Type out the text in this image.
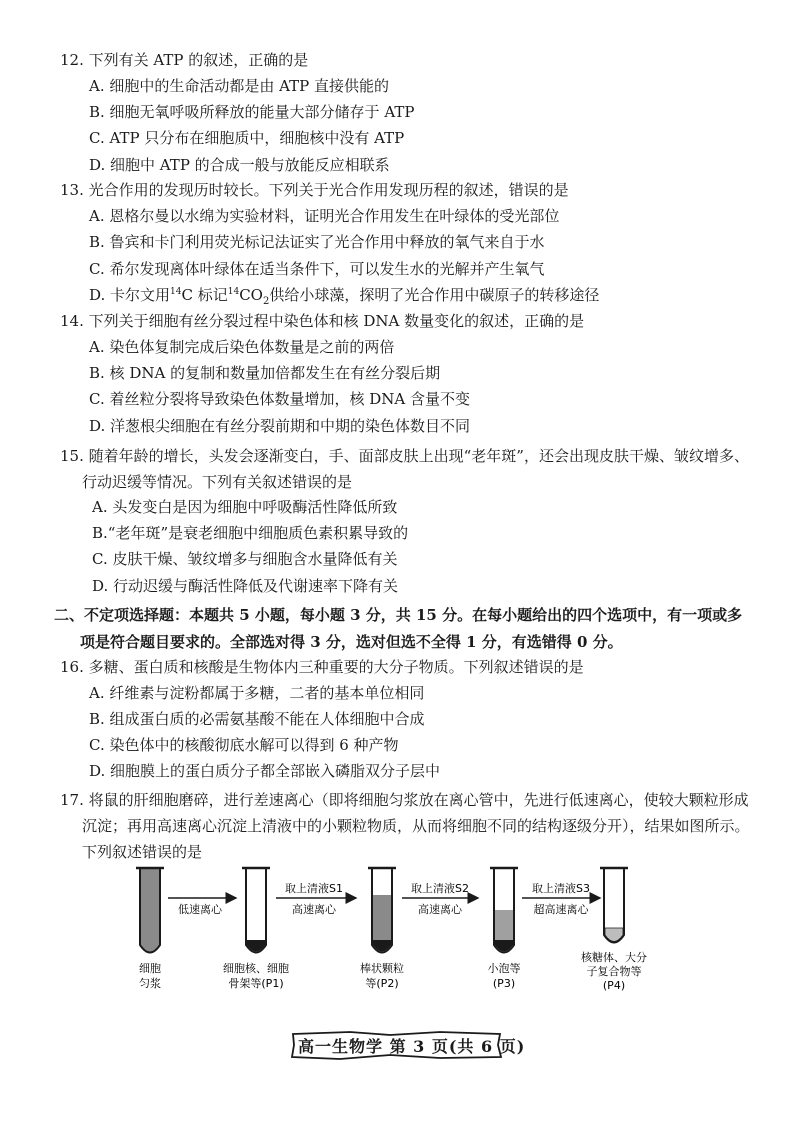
12. 下列有关 ATP 的叙述，正确的是
A. 细胞中的生命活动都是由 ATP 直接供能的
B. 细胞无氧呼吸所释放的能量大部分储存于 ATP
C. ATP 只分布在细胞质中，细胞核中没有 ATP
D. 细胞中 ATP 的合成一般与放能反应相联系
13. 光合作用的发现历时较长。下列关于光合作用发现历程的叙述，错误的是
A. 恩格尔曼以水绵为实验材料，证明光合作用发生在叶绿体的受光部位
B. 鲁宾和卡门利用荧光标记法证实了光合作用中释放的氧气来自于水
C. 希尔发现离体叶绿体在适当条件下，可以发生水的光解并产生氧气
D. 卡尔文用$^{14}$C 标记$^{14}CO_2$供给小球藻，探明了光合作用中碳原子的转移途径
14. 下列关于细胞有丝分裂过程中染色体和核 DNA 数量变化的叙述，正确的是
A. 染色体复制完成后染色体数量是之前的两倍
B. 核 DNA 的复制和数量加倍都发生在有丝分裂后期
C. 着丝粒分裂将导致染色体数量增加，核 DNA 含量不变
D. 洋葱根尖细胞在有丝分裂前期和中期的染色体数目不同
15. 随着年龄的增长，头发会逐渐变白，手、面部皮肤上出现“老年斑”，还会出现皮肤干燥、皱纹增多、行动迟缓等情况。下列有关叙述错误的是
A. 头发变白是因为细胞中呼吸酶活性降低所致
B.“老年斑”是衰老细胞中细胞质色素积累导致的
C. 皮肤干燥、皱纹增多与细胞含水量降低有关
D. 行动迟缓与酶活性降低及代谢速率下降有关
二、不定项选择题：本题共 5 小题，每小题 3 分，共 15 分。在每小题给出的四个选项中，有一项或多项是符合题目要求的。全部选对得 3 分，选对但选不全得 1 分，有选错得 0 分。
16. 多糖、蛋白质和核酸是生物体内三种重要的大分子物质。下列叙述错误的是
A. 纤维素与淀粉都属于多糖，二者的基本单位相同
B. 组成蛋白质的必需氨基酸不能在人体细胞中合成
C. 染色体中的核酸彻底水解可以得到 6 种产物
D. 细胞膜上的蛋白质分子都全部嵌入磷脂双分子层中
17. 将鼠的肝细胞磨碎，进行差速离心（即将细胞匀浆放在离心管中，先进行低速离心，使较大颗粒形成沉淀；再用高速离心沉淀上清液中的小颗粒物质，从而将细胞不同的结构逐级分开），结果如图所示。下列叙述错误的是
低速离心
取上清液S1
高速离心
取上清液S2
高速离心
取上清液S3
超高速离心
细胞
匀浆
细胞核、细胞
骨架等(P1)
棒状颗粒
等(P2)
小泡等
(P3)
核糖体、大分
子复合物等
(P4)
高一生物学 第 3 页(共 6 页)
